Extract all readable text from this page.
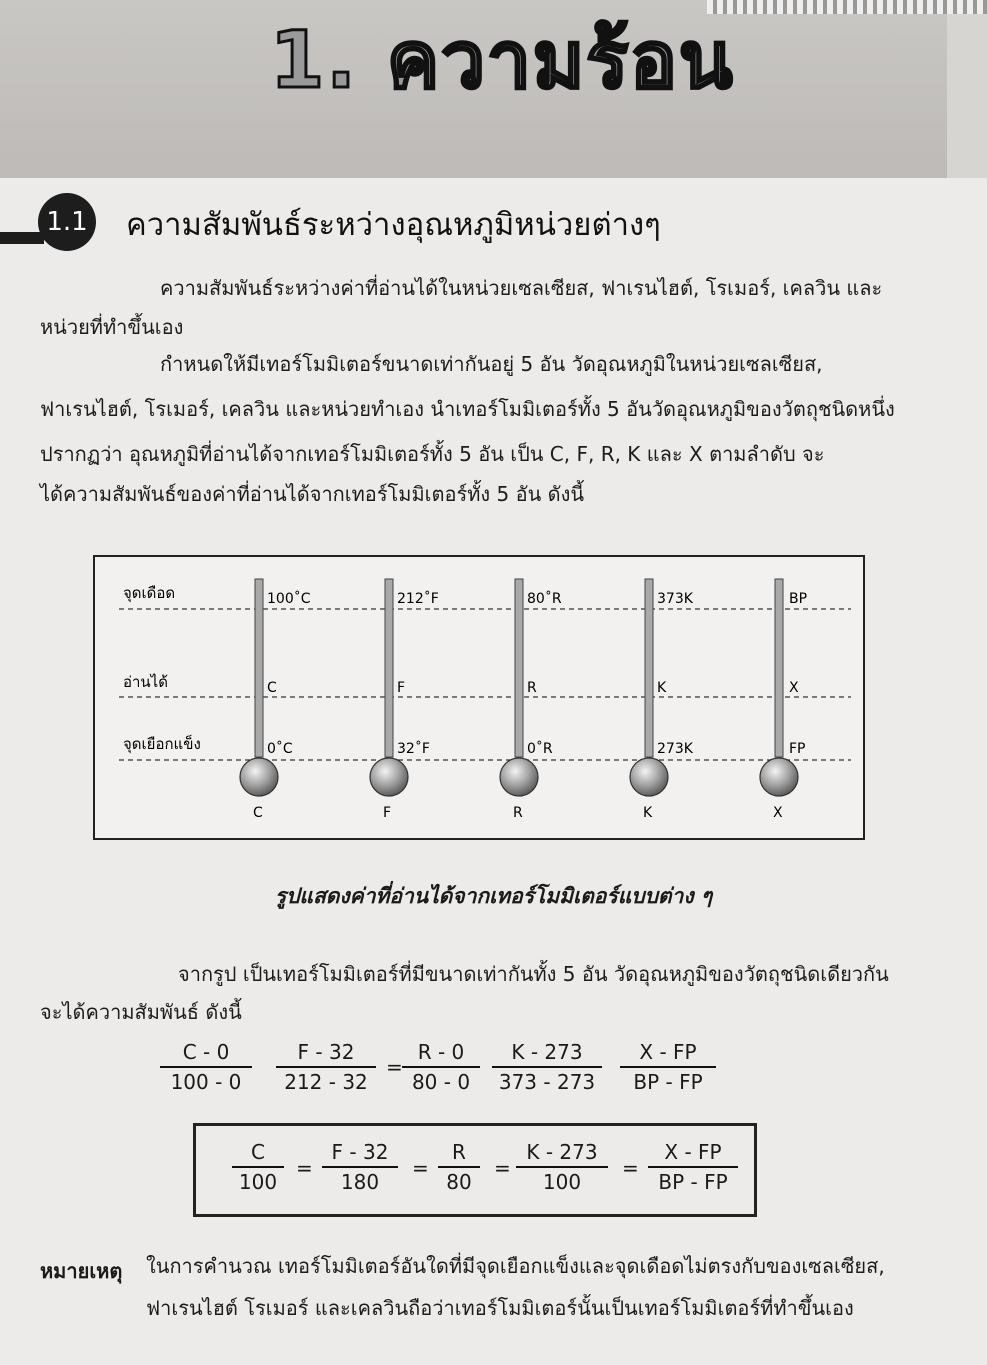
1. ความร้อน
1.1 ความสัมพันธ์ระหว่างอุณหภูมิหน่วยต่างๆ
ความสัมพันธ์ระหว่างค่าที่อ่านได้ในหน่วยเซลเซียส, ฟาเรนไฮต์, โรเมอร์, เคลวิน และ
หน่วยที่ทำขึ้นเอง
กำหนดให้มีเทอร์โมมิเตอร์ขนาดเท่ากันอยู่ 5 อัน วัดอุณหภูมิในหน่วยเซลเซียส,
ฟาเรนไฮต์, โรเมอร์, เคลวิน และหน่วยทำเอง นำเทอร์โมมิเตอร์ทั้ง 5 อันวัดอุณหภูมิของวัตถุชนิดหนึ่ง
ปรากฏว่า อุณหภูมิที่อ่านได้จากเทอร์โมมิเตอร์ทั้ง 5 อัน เป็น C, F, R, K และ X ตามลำดับ จะ
ได้ความสัมพันธ์ของค่าที่อ่านได้จากเทอร์โมมิเตอร์ทั้ง 5 อัน ดังนี้
จุดเดือด
อ่านได้
จุดเยือกแข็ง
100˚C
C
0˚C
C
212˚F
F
32˚F
F
80˚R
R
0˚R
R
373K
K
273K
K
BP
X
FP
X
รูปแสดงค่าที่อ่านได้จากเทอร์โมมิเตอร์แบบต่าง ๆ
จากรูป เป็นเทอร์โมมิเตอร์ที่มีขนาดเท่ากันทั้ง 5 อัน วัดอุณหภูมิของวัตถุชนิดเดียวกัน
จะได้ความสัมพันธ์ ดังนี้
$\frac{C - 0}{100 - 0} \frac{F - 32}{212 - 32} = \frac{R - 0}{80 - 0} \frac{K - 273}{373 - 273} \frac{X - FP}{BP - FP}$
$\frac{C}{100} = \frac{F - 32}{180} = \frac{R}{80} = \frac{K - 273}{100} = \frac{X - FP}{BP - FP}$
หมายเหตุ ในการคำนวณ เทอร์โมมิเตอร์อันใดที่มีจุดเยือกแข็งและจุดเดือดไม่ตรงกับของเซลเซียส,
ฟาเรนไฮต์ โรเมอร์ และเคลวินถือว่าเทอร์โมมิเตอร์นั้นเป็นเทอร์โมมิเตอร์ที่ทำขึ้นเอง
